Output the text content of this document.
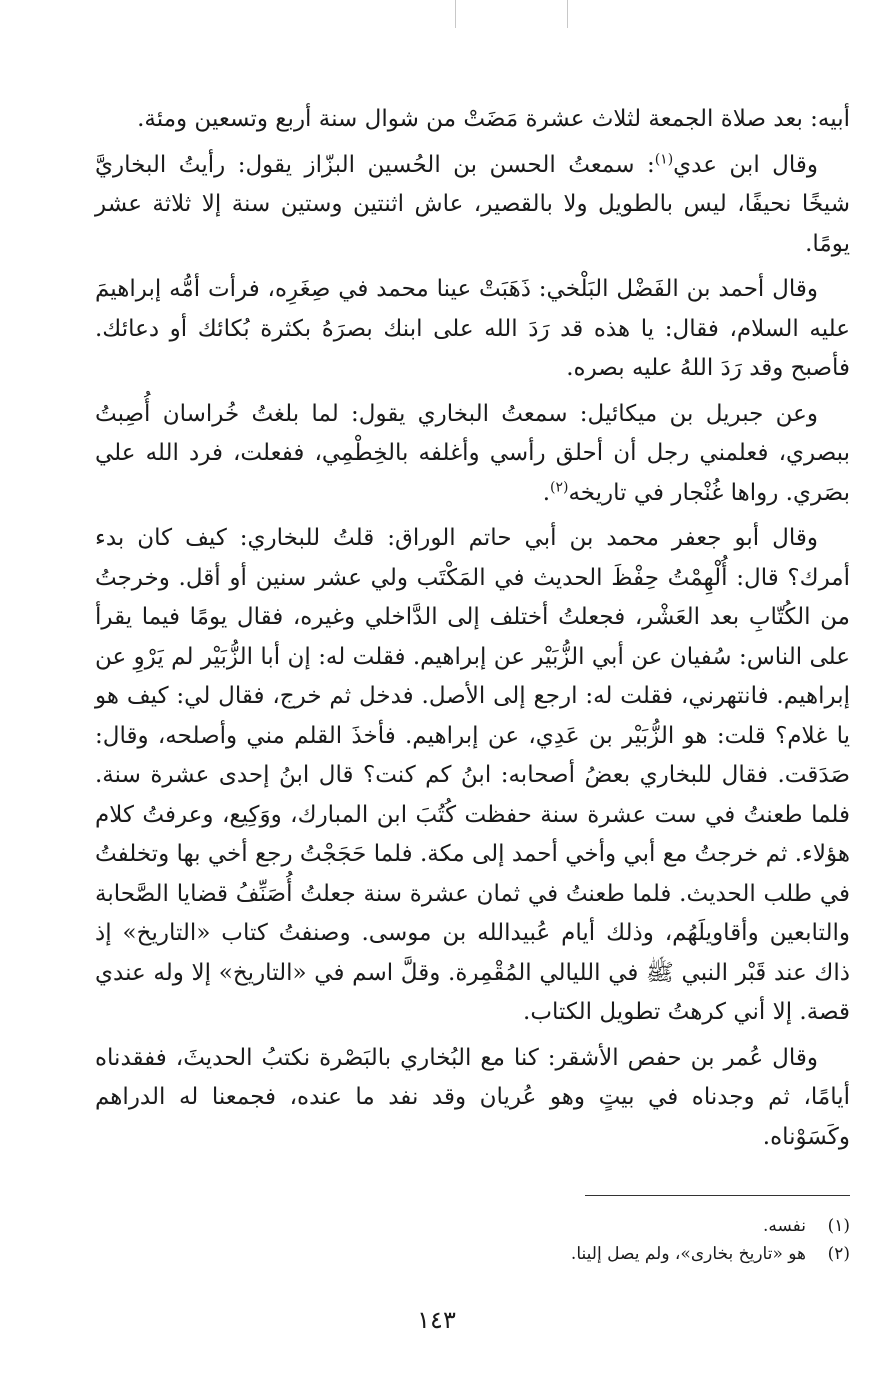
أبيه: بعد صلاة الجمعة لثلاث عشرة مَضَتْ من شوال سنة أربع وتسعين ومئة.

وقال ابن عدي$^{(١)}$: سمعتُ الحسن بن الحُسين البزّاز يقول: رأيتُ البخاريَّ شيخًا نحيفًا، ليس بالطويل ولا بالقصير، عاش اثنتين وستين سنة إلا ثلاثة عشر يومًا.

وقال أحمد بن الفَضْل البَلْخي: ذَهَبَتْ عينا محمد في صِغَرِه، فرأت أمُّه إبراهيمَ عليه السلام، فقال: يا هذه قد رَدَ الله على ابنك بصرَهُ بكثرة بُكائك أو دعائك. فأصبح وقد رَدَ اللهُ عليه بصره.

وعن جبريل بن ميكائيل: سمعتُ البخاري يقول: لما بلغتُ خُراسان أُصِبتُ ببصري، فعلمني رجل أن أحلق رأسي وأغلفه بالخِطْمِي، ففعلت، فرد الله علي بصَري. رواها غُنْجار في تاريخه$^{(٢)}$.

وقال أبو جعفر محمد بن أبي حاتم الوراق: قلتُ للبخاري: كيف كان بدء أمرك؟ قال: أُلْهِمْتُ حِفْظَ الحديث في المَكْتَب ولي عشر سنين أو أقل. وخرجتُ من الكُتّابِ بعد العَشْر، فجعلتُ أختلف إلى الدَّاخلي وغيره، فقال يومًا فيما يقرأ على الناس: سُفيان عن أبي الزُّبَيْر عن إبراهيم. فقلت له: إن أبا الزُّبَيْر لم يَرْوِ عن إبراهيم. فانتهرني، فقلت له: ارجع إلى الأصل. فدخل ثم خرج، فقال لي: كيف هو يا غلام؟ قلت: هو الزُّبَيْر بن عَدِي، عن إبراهيم. فأخذَ القلم مني وأصلحه، وقال: صَدَقت. فقال للبخاري بعضُ أصحابه: ابنُ كم كنت؟ قال ابنُ إحدى عشرة سنة. فلما طعنتُ في ست عشرة سنة حفظت كُتُبَ ابن المبارك، ووَكِيع، وعرفتُ كلام هؤلاء. ثم خرجتُ مع أبي وأخي أحمد إلى مكة. فلما حَجَجْتُ رجع أخي بها وتخلفتُ في طلب الحديث. فلما طعنتُ في ثمان عشرة سنة جعلتُ أُصَنِّفُ قضايا الصَّحابة والتابعين وأقاويلَهُم، وذلك أيام عُبيدالله بن موسى. وصنفتُ كتاب «التاريخ» إذ ذاك عند قَبْر النبي ﷺ في الليالي المُقْمِرة. وقلَّ اسم في «التاريخ» إلا وله عندي قصة. إلا أني كرهتُ تطويل الكتاب.

وقال عُمر بن حفص الأشقر: كنا مع البُخاري بالبَصْرة نكتبُ الحديثَ، ففقدناه أيامًا، ثم وجدناه في بيتٍ وهو عُريان وقد نفد ما عنده، فجمعنا له الدراهم وكَسَوْناه.

(١)نفسه.
(٢)هو «تاريخ بخارى»، ولم يصل إلينا.
١٤٣
